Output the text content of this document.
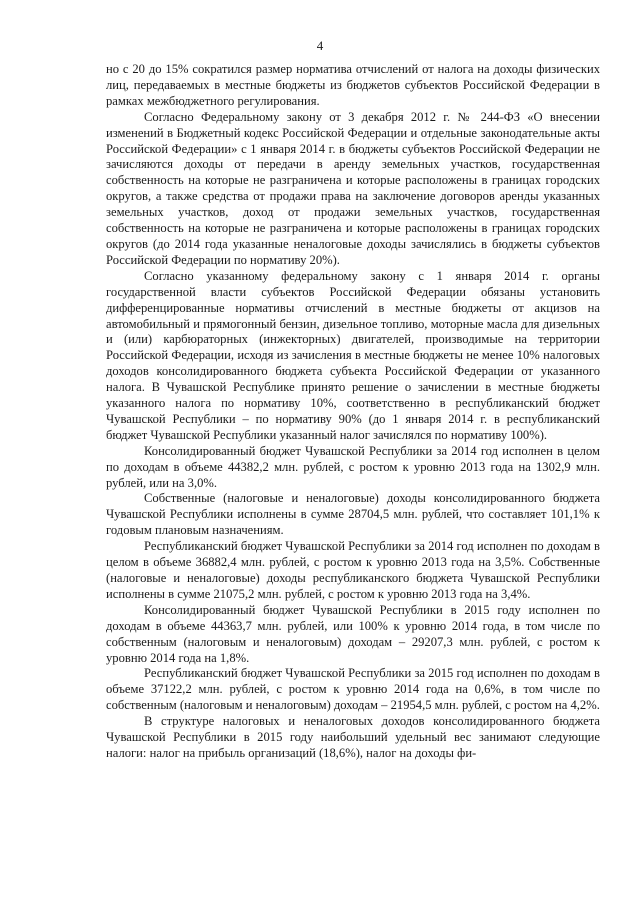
4

но с 20 до 15% сократился размер норматива отчислений от налога на доходы физических лиц, передаваемых в местные бюджеты из бюджетов субъектов Российской Федерации в рамках межбюджетного регулирования.

Согласно Федеральному закону от 3 декабря 2012 г. № 244-ФЗ «О внесении изменений в Бюджетный кодекс Российской Федерации и отдельные законодательные акты Российской Федерации» с 1 января 2014 г. в бюджеты субъектов Российской Федерации не зачисляются доходы от передачи в аренду земельных участков, государственная собственность на которые не разграничена и которые расположены в границах городских округов, а также средства от продажи права на заключение договоров аренды указанных земельных участков, доход от продажи земельных участков, государственная собственность на которые не разграничена и которые расположены в границах городских округов (до 2014 года указанные неналоговые доходы зачислялись в бюджеты субъектов Российской Федерации по нормативу 20%).

Согласно указанному федеральному закону с 1 января 2014 г. органы государственной власти субъектов Российской Федерации обязаны установить дифференцированные нормативы отчислений в местные бюджеты от акцизов на автомобильный и прямогонный бензин, дизельное топливо, моторные масла для дизельных и (или) карбюраторных (инжекторных) двигателей, производимые на территории Российской Федерации, исходя из зачисления в местные бюджеты не менее 10% налоговых доходов консолидированного бюджета субъекта Российской Федерации от указанного налога. В Чувашской Республике принято решение о зачислении в местные бюджеты указанного налога по нормативу 10%, соответственно в республиканский бюджет Чувашской Республики – по нормативу 90% (до 1 января 2014 г. в республиканский бюджет Чувашской Республики указанный налог зачислялся по нормативу 100%).

Консолидированный бюджет Чувашской Республики за 2014 год исполнен в целом по доходам в объеме 44382,2 млн. рублей, с ростом к уровню 2013 года на 1302,9 млн. рублей, или на 3,0%.

Собственные (налоговые и неналоговые) доходы консолидированного бюджета Чувашской Республики исполнены в сумме 28704,5 млн. рублей, что составляет 101,1% к годовым плановым назначениям.

Республиканский бюджет Чувашской Республики за 2014 год исполнен по доходам в целом в объеме 36882,4 млн. рублей, с ростом к уровню 2013 года на 3,5%. Собственные (налоговые и неналоговые) доходы республиканского бюджета Чувашской Республики исполнены в сумме 21075,2 млн. рублей, с ростом к уровню 2013 года на 3,4%.

Консолидированный бюджет Чувашской Республики в 2015 году исполнен по доходам в объеме 44363,7 млн. рублей, или 100% к уровню 2014 года, в том числе по собственным (налоговым и неналоговым) доходам – 29207,3 млн. рублей, с ростом к уровню 2014 года на 1,8%.

Республиканский бюджет Чувашской Республики за 2015 год исполнен по доходам в объеме 37122,2 млн. рублей, с ростом к уровню 2014 года на 0,6%, в том числе по собственным (налоговым и неналоговым) доходам – 21954,5 млн. рублей, с ростом на 4,2%.

В структуре налоговых и неналоговых доходов консолидированного бюджета Чувашской Республики в 2015 году наибольший удельный вес занимают следующие налоги: налог на прибыль организаций (18,6%), налог на доходы фи-
